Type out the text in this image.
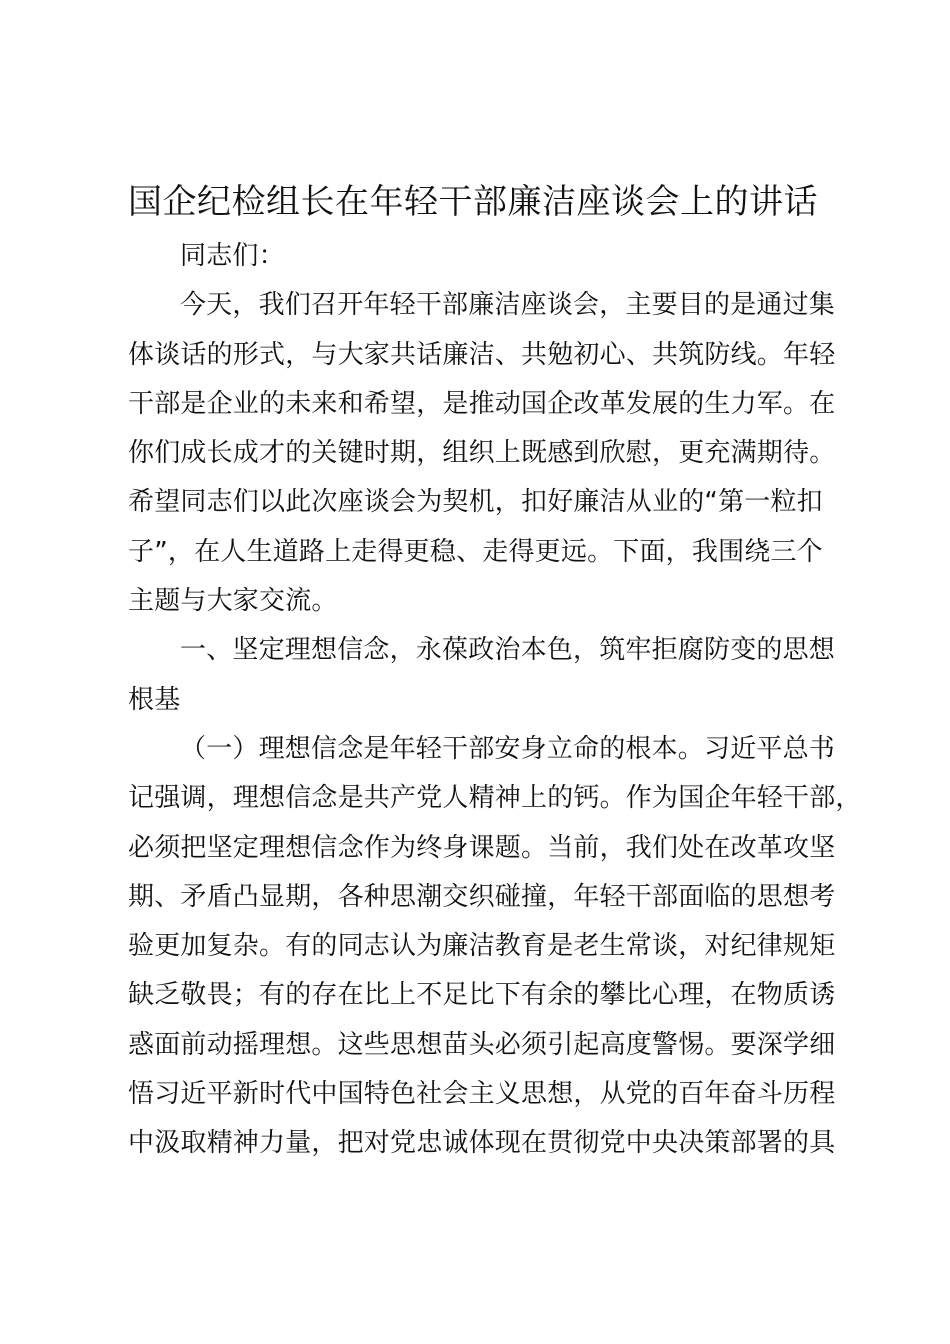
国企纪检组长在年轻干部廉洁座谈会上的讲话
同志们：
今天，我们召开年轻干部廉洁座谈会，主要目的是通过集
体谈话的形式，与大家共话廉洁、共勉初心、共筑防线。年轻
干部是企业的未来和希望，是推动国企改革发展的生力军。在
你们成长成才的关键时期，组织上既感到欣慰，更充满期待。
希望同志们以此次座谈会为契机，扣好廉洁从业的“第一粒扣
子”，在人生道路上走得更稳、走得更远。下面，我围绕三个
主题与大家交流。
一、坚定理想信念，永葆政治本色，筑牢拒腐防变的思想
根基
（一）理想信念是年轻干部安身立命的根本。习近平总书
记强调，理想信念是共产党人精神上的钙。作为国企年轻干部，
必须把坚定理想信念作为终身课题。当前，我们处在改革攻坚
期、矛盾凸显期，各种思潮交织碰撞，年轻干部面临的思想考
验更加复杂。有的同志认为廉洁教育是老生常谈，对纪律规矩
缺乏敬畏；有的存在比上不足比下有余的攀比心理，在物质诱
惑面前动摇理想。这些思想苗头必须引起高度警惕。要深学细
悟习近平新时代中国特色社会主义思想，从党的百年奋斗历程
中汲取精神力量，把对党忠诚体现在贯彻党中央决策部署的具
